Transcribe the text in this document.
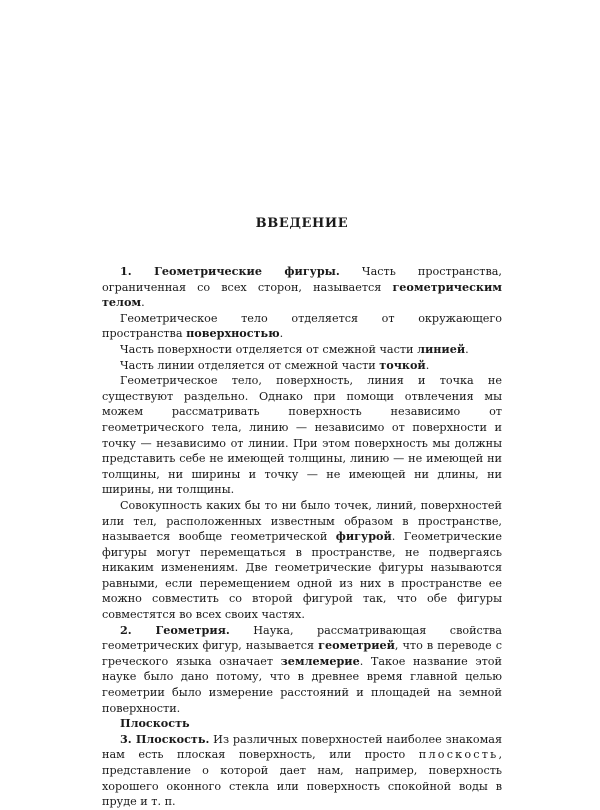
ВВЕДЕНИЕ

1. Геометрические фигуры. Часть пространства, ограниченная со всех сторон, называется геометрическим телом.

Геометрическое тело отделяется от окружающего пространства поверхностью.

Часть поверхности отделяется от смежной части линией.

Часть линии отделяется от смежной части точкой.

Геометрическое тело, поверхность, линия и точка не существуют раздельно. Однако при помощи отвлечения мы можем рассматривать поверхность независимо от геометрического тела, линию — независимо от поверхности и точку — независимо от линии. При этом поверхность мы должны представить себе не имеющей толщины, линию — не имеющей ни толщины, ни ширины и точку — не имеющей ни длины, ни ширины, ни толщины.

Совокупность каких бы то ни было точек, линий, поверхностей или тел, расположенных известным образом в пространстве, называется вообще геометрической фигурой. Геометрические фигуры могут перемещаться в пространстве, не подвергаясь никаким изменениям. Две геометрические фигуры называются равными, если перемещением одной из них в пространстве ее можно совместить со второй фигурой так, что обе фигуры совместятся во всех своих частях.

2. Геометрия. Наука, рассматривающая свойства геометрических фигур, называется геометрией, что в переводе с греческого языка означает землемерие. Такое название этой науке было дано потому, что в древнее время главной целью геометрии было измерение расстояний и площадей на земной поверхности.

Плоскость

3. Плоскость. Из различных поверхностей наиболее знакомая нам есть плоская поверхность, или просто плоскость, представление о которой дает нам, например, поверхность хорошего оконного стекла или поверхность спокойной воды в пруде и т. п.
